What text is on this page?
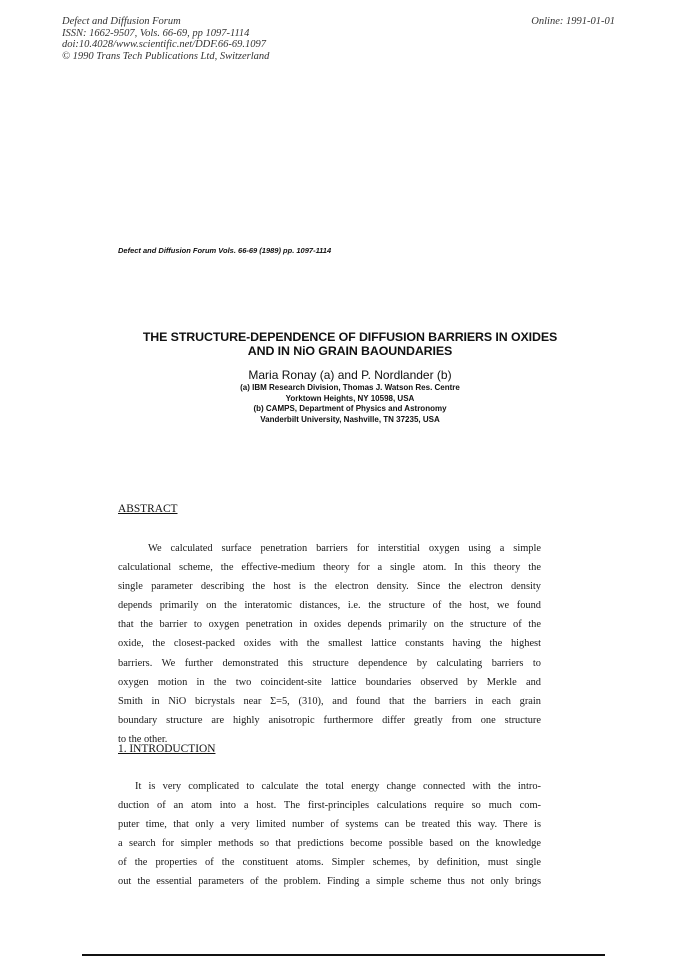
Defect and Diffusion Forum
ISSN: 1662-9507, Vols. 66-69, pp 1097-1114
doi:10.4028/www.scientific.net/DDF.66-69.1097
© 1990 Trans Tech Publications Ltd, Switzerland
Online: 1991-01-01
Defect and Diffusion Forum Vols. 66-69 (1989) pp. 1097-1114
THE STRUCTURE-DEPENDENCE OF DIFFUSION BARRIERS IN OXIDES
AND IN NiO GRAIN BAOUNDARIES
Maria Ronay (a) and P. Nordlander (b)
(a) IBM Research Division, Thomas J. Watson Res. Centre
Yorktown Heights, NY 10598, USA
(b) CAMPS, Department of Physics and Astronomy
Vanderbilt University, Nashville, TN 37235, USA
ABSTRACT
We calculated surface penetration barriers for interstitial oxygen using a simple
calculational scheme, the effective-medium theory for a single atom. In this theory the
single parameter describing the host is the electron density. Since the electron density
depends primarily on the interatomic distances, i.e. the structure of the host, we found
that the barrier to oxygen penetration in oxides depends primarily on the structure of the
oxide, the closest-packed oxides with the smallest lattice constants having the highest
barriers. We further demonstrated this structure dependence by calculating barriers to
oxygen motion in the two coincident-site lattice boundaries observed by Merkle and
Smith in NiO bicrystals near Σ=5, (310), and found that the barriers in each grain
boundary structure are highly anisotropic furthermore differ greatly from one structure
to the other.
1. INTRODUCTION
It is very complicated to calculate the total energy change connected with the intro-
duction of an atom into a host. The first-principles calculations require so much com-
puter time, that only a very limited number of systems can be treated this way. There is
a search for simpler methods so that predictions become possible based on the knowledge
of the properties of the constituent atoms. Simpler schemes, by definition, must single
out the essential parameters of the problem. Finding a simple scheme thus not only brings
